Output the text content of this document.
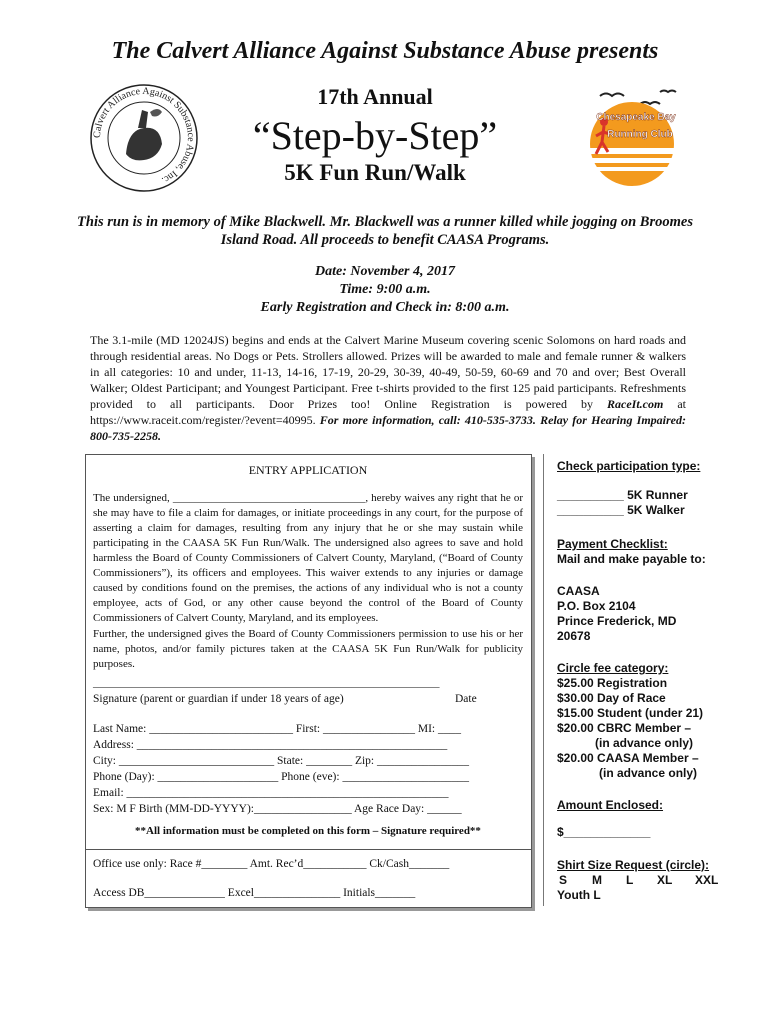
The Calvert Alliance Against Substance Abuse presents
17th Annual
“Step-by-Step”
5K Fun Run/Walk
Calvert Alliance Against Substance Abuse, Inc.
Chesapeake Bay
Running Club
This run is in memory of Mike Blackwell. Mr. Blackwell was a runner killed while jogging on Broomes Island Road. All proceeds to benefit CAASA Programs.
Date: November 4, 2017
Time: 9:00 a.m.
Early Registration and Check in: 8:00 a.m.
The 3.1-mile (MD 12024JS) begins and ends at the Calvert Marine Museum covering scenic Solomons on hard roads and through residential areas. No Dogs or Pets. Strollers allowed. Prizes will be awarded to male and female runner & walkers in all categories: 10 and under, 11-13, 14-16, 17-19, 20-29, 30-39, 40-49, 50-59, 60-69 and 70 and over; Best Overall Walker; Oldest Participant; and Youngest Participant. Free t-shirts provided to the first 125 paid participants. Refreshments provided to all participants. Door Prizes too! Online Registration is powered by RaceIt.com at https://www.raceit.com/register/?event=40995. For more information, call: 410-535-3733. Relay for Hearing Impaired: 800-735-2258.
ENTRY APPLICATION
The undersigned, ___________________________________, hereby waives any right that he or she may have to file a claim for damages, or initiate proceedings in any court, for the purpose of asserting a claim for damages, resulting from any injury that he or she may sustain while participating in the CAASA 5K Fun Run/Walk. The undersigned also agrees to save and hold harmless the Board of County Commissioners of Calvert County, Maryland, (“Board of County Commissioners”), its officers and employees. This waiver extends to any injuries or damage caused by conditions found on the premises, the actions of any individual who is not a county employee, acts of God, or any other cause beyond the control of the Board of County Commissioners of Calvert County, Maryland, and its employees.
Further, the undersigned gives the Board of County Commissioners permission to use his or her name, photos, and/or family pictures taken at the CAASA 5K Fun Run/Walk for publicity purposes.
_______________________________________________________________
Signature (parent or guardian if under 18 years of age)	Date
Last Name: _________________________ First: ________________ MI: ____
Address: ______________________________________________________
City: ___________________________ State: ________ Zip: ________________
Phone (Day): _____________________ Phone (eve): ______________________
Email: ________________________________________________________
Sex: M F Birth (MM-DD-YYYY):_________________ Age Race Day: ______
**All information must be completed on this form – Signature required**
Office use only: Race #________ Amt. Rec’d___________ Ck/Cash_______
Access DB______________ Excel_______________ Initials_______
Check participation type:
__________ 5K Runner
__________ 5K Walker
Payment Checklist:
Mail and make payable to:
CAASA
P.O. Box 2104
Prince Frederick, MD
20678
Circle fee category:
$25.00 Registration
$30.00 Day of Race
$15.00 Student (under 21)
$20.00 CBRC Member –
(in advance only)
$20.00 CAASA Member –
(in advance only)
Amount Enclosed:
$_____________
Shirt Size Request (circle):
S M L XL XXL
Youth L
